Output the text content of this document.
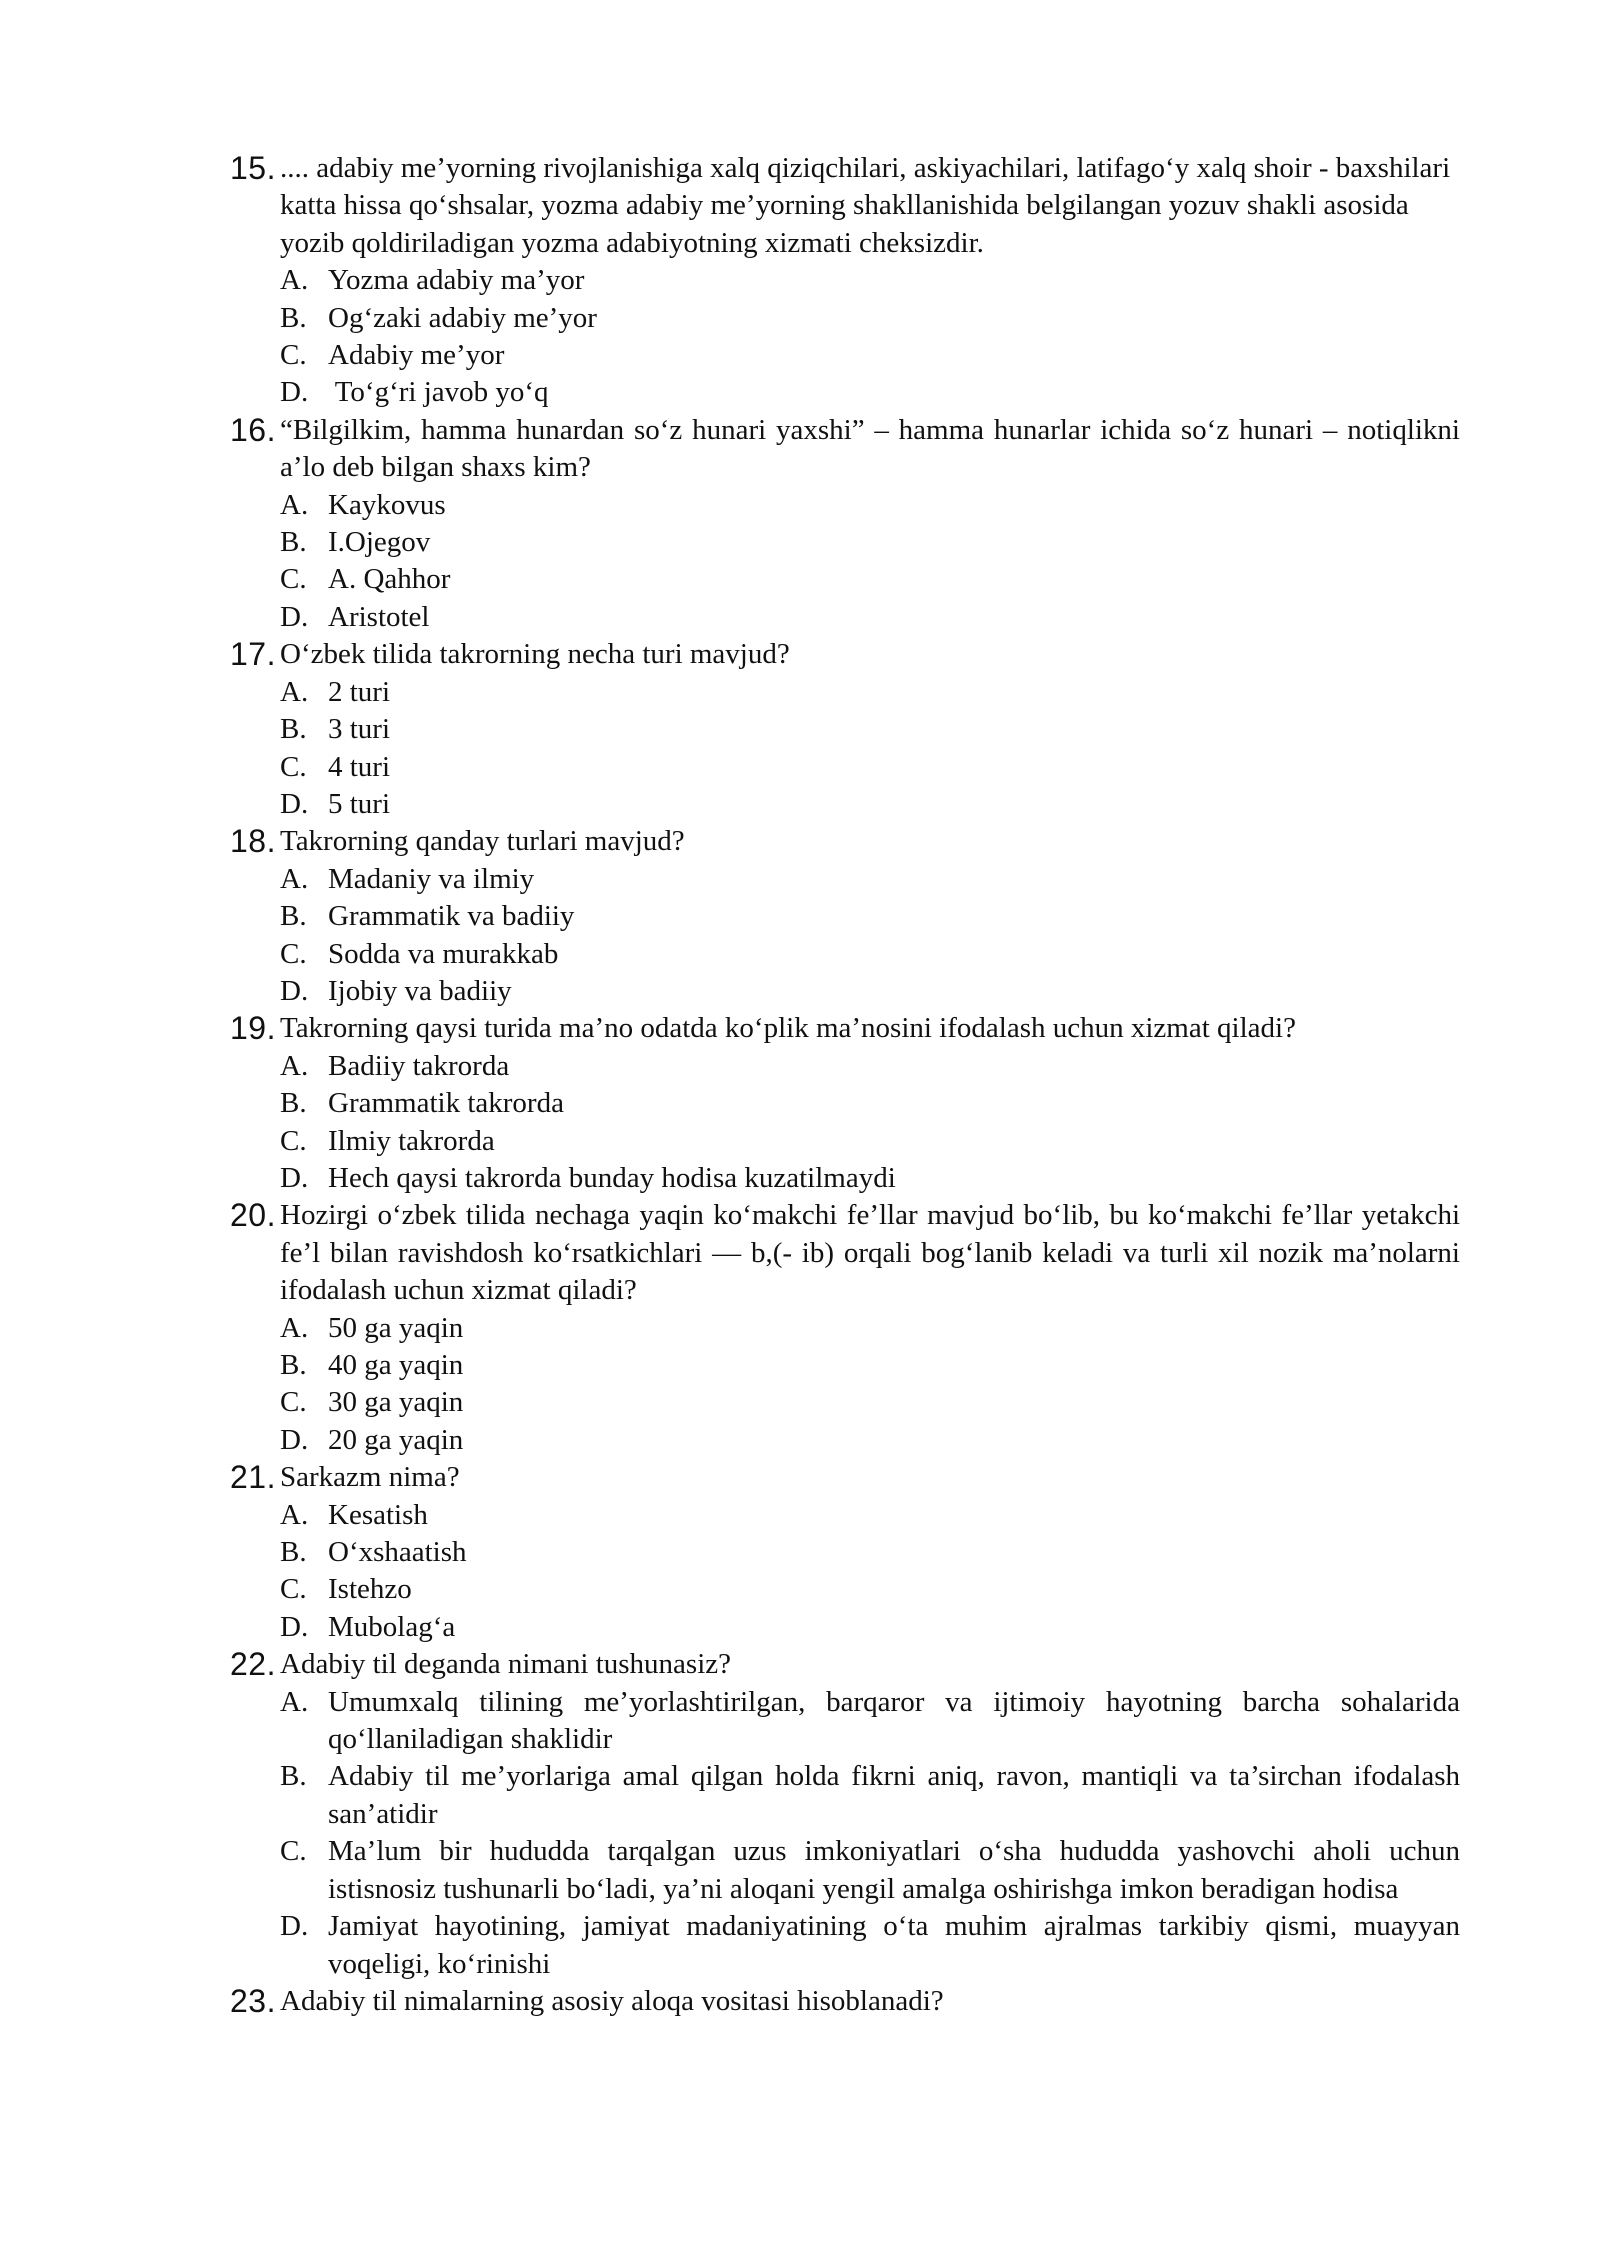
15. .... adabiy me’yorning rivojlanishiga xalq qiziqchilari, askiyachilari, latifago‘y xalq shoir - baxshilari katta hissa qo‘shsalar, yozma adabiy me’yorning shakllanishida belgilangan yozuv shakli asosida yozib qoldiriladigan yozma adabiyotning xizmati cheksizdir.
A. Yozma adabiy ma’yor
B. Og‘zaki adabiy me’yor
C. Adabiy me’yor
D. To‘g‘ri javob yo‘q
16. “Bilgilkim, hamma hunardan so‘z hunari yaxshi” – hamma hunarlar ichida so‘z hunari – notiqlikni a’lo deb bilgan shaxs kim?
A. Kaykovus
B. I.Ojegov
C. A. Qahhor
D. Aristotel
17. O‘zbek tilida takrorning necha turi mavjud?
A. 2 turi
B. 3 turi
C. 4 turi
D. 5 turi
18. Takrorning qanday turlari mavjud?
A. Madaniy va ilmiy
B. Grammatik va badiiy
C. Sodda va murakkab
D. Ijobiy va badiiy
19. Takrorning qaysi turida ma’no odatda ko‘plik ma’nosini ifodalash uchun xizmat qiladi?
A. Badiiy takrorda
B. Grammatik takrorda
C. Ilmiy takrorda
D. Hech qaysi takrorda bunday hodisa kuzatilmaydi
20. Hozirgi o‘zbek tilida nechaga yaqin ko‘makchi fe’llar mavjud bo‘lib, bu ko‘makchi fe’llar yetakchi fe’l bilan ravishdosh ko‘rsatkichlari — b,(- ib) orqali bog‘lanib keladi va turli xil nozik ma’nolarni ifodalash uchun xizmat qiladi?
A. 50 ga yaqin
B. 40 ga yaqin
C. 30 ga yaqin
D. 20 ga yaqin
21. Sarkazm nima?
A. Kesatish
B. O‘xshaatish
C. Istehzo
D. Mubolag‘a
22. Adabiy til deganda nimani tushunasiz?
A. Umumxalq tilining me’yorlashtirilgan, barqaror va ijtimoiy hayotning barcha sohalarida qo‘llaniladigan shaklidir
B. Adabiy til me’yorlariga amal qilgan holda fikrni aniq, ravon, mantiqli va ta’sirchan ifodalash san’atidir
C. Ma’lum bir hududda tarqalgan uzus imkoniyatlari o‘sha hududda yashovchi aholi uchun istisnosiz tushunarli bo‘ladi, ya’ni aloqani yengil amalga oshirishga imkon beradigan hodisa
D. Jamiyat hayotining, jamiyat madaniyatining o‘ta muhim ajralmas tarkibiy qismi, muayyan voqeligi, ko‘rinishi
23. Adabiy til nimalarning asosiy aloqa vositasi hisoblanadi?
